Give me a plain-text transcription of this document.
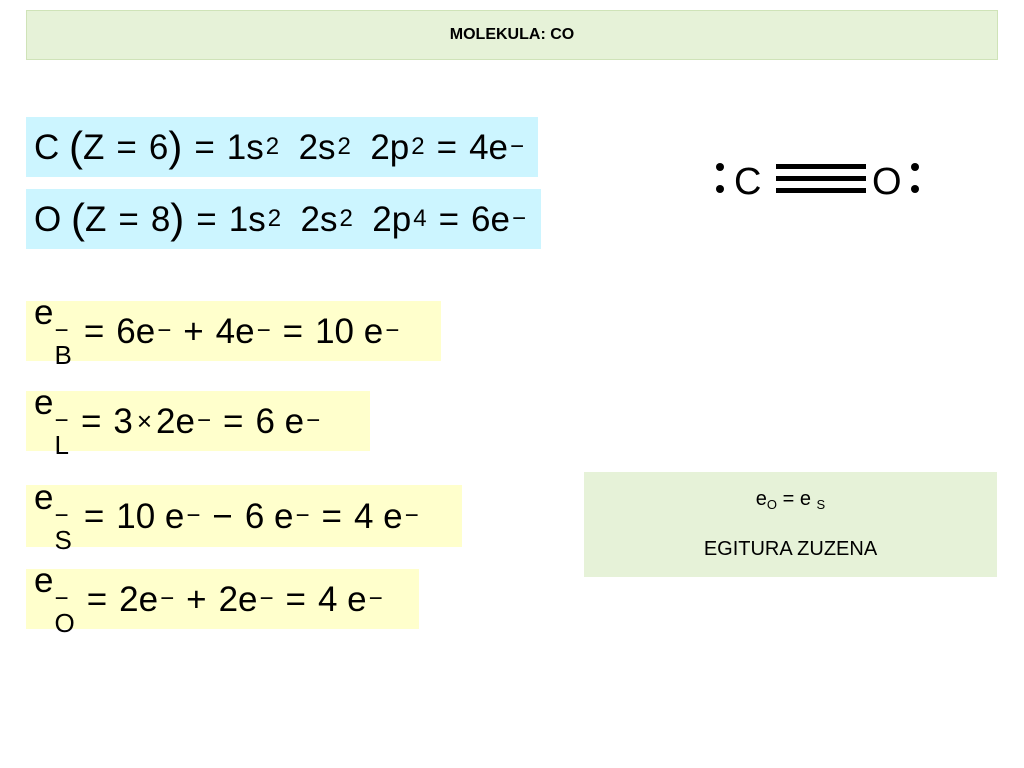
MOLEKULA: CO
C
( Z = 6 ) = 1s 2
2s 2
2p 2 = 4e −
O
( Z = 8 ) = 1s 2
2s 2
2p 4 = 6e −
e −
B
= 6e − + 4e − = 10 e −
e −
L
= 3 × 2e − = 6 e −
e −
S
= 10 e − − 6 e − = 4 e −
e −
O
= 2e − + 2e − = 4 e −
C	O
$e_O = e$ $_S$
EGITURA ZUZENA
